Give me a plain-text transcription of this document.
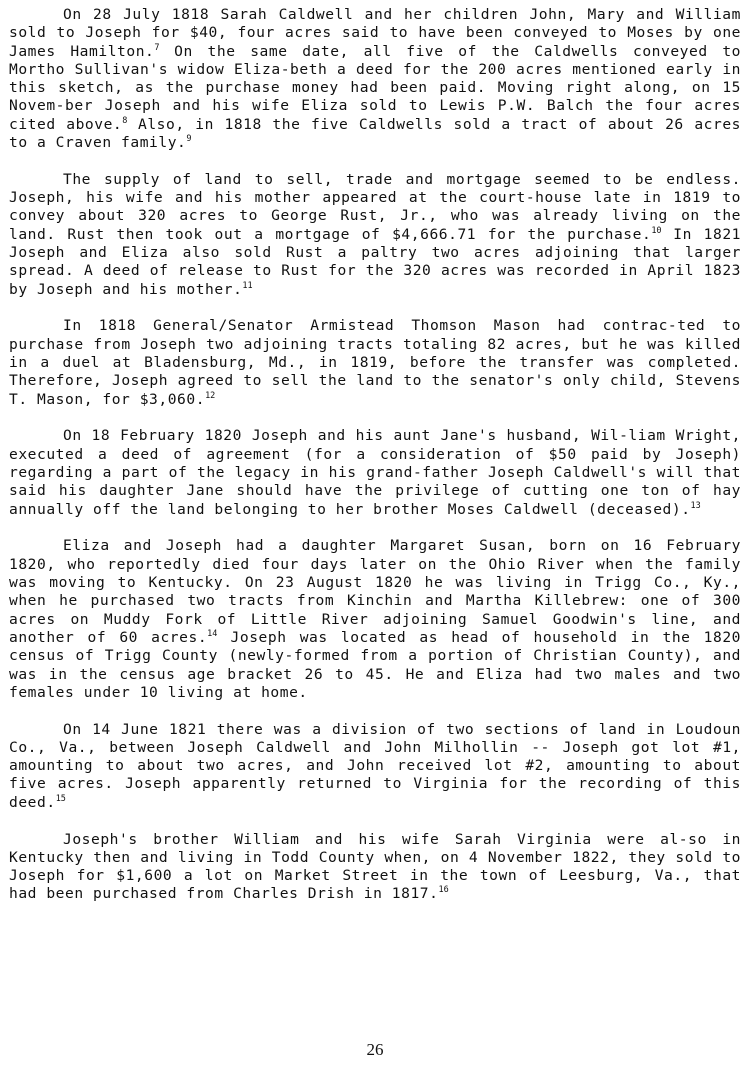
On 28 July 1818 Sarah Caldwell and her children John, Mary and William sold to Joseph for $40, four acres said to have been conveyed to Moses by one James Hamilton.$^7$ On the same date, all five of the Caldwells conveyed to Mortho Sullivan's widow Eliza-beth a deed for the 200 acres mentioned early in this sketch, as the purchase money had been paid. Moving right along, on 15 Novem-ber Joseph and his wife Eliza sold to Lewis P.W. Balch the four acres cited above.$^8$ Also, in 1818 the five Caldwells sold a tract of about 26 acres to a Craven family.$^9$

The supply of land to sell, trade and mortgage seemed to be endless. Joseph, his wife and his mother appeared at the court-house late in 1819 to convey about 320 acres to George Rust, Jr., who was already living on the land. Rust then took out a mortgage of $4,666.71 for the purchase.$^{10}$ In 1821 Joseph and Eliza also sold Rust a paltry two acres adjoining that larger spread. A deed of release to Rust for the 320 acres was recorded in April 1823 by Joseph and his mother.$^{11}$

In 1818 General/Senator Armistead Thomson Mason had contrac-ted to purchase from Joseph two adjoining tracts totaling 82 acres, but he was killed in a duel at Bladensburg, Md., in 1819, before the transfer was completed. Therefore, Joseph agreed to sell the land to the senator's only child, Stevens T. Mason, for $3,060.12

On 18 February 1820 Joseph and his aunt Jane's husband, Wil-liam Wright, executed a deed of agreement (for a consideration of $50 paid by Joseph) regarding a part of the legacy in his grand-father Joseph Caldwell's will that said his daughter Jane should have the privilege of cutting one ton of hay annually off the land belonging to her brother Moses Caldwell (deceased).$^{13}$

Eliza and Joseph had a daughter Margaret Susan, born on 16 February 1820, who reportedly died four days later on the Ohio River when the family was moving to Kentucky. On 23 August 1820 he was living in Trigg Co., Ky., when he purchased two tracts from Kinchin and Martha Killebrew: one of 300 acres on Muddy Fork of Little River adjoining Samuel Goodwin's line, and another of 60 acres.$^{14}$ Joseph was located as head of household in the 1820 census of Trigg County (newly-formed from a portion of Christian County), and was in the census age bracket 26 to 45. He and Eliza had two males and two females under 10 living at home.

On 14 June 1821 there was a division of two sections of land in Loudoun Co., Va., between Joseph Caldwell and John Milhollin -- Joseph got lot #1, amounting to about two acres, and John received lot #2, amounting to about five acres. Joseph apparently returned to Virginia for the recording of this deed.$^{15}$

Joseph's brother William and his wife Sarah Virginia were al-so in Kentucky then and living in Todd County when, on 4 November 1822, they sold to Joseph for $1,600 a lot on Market Street in the town of Leesburg, Va., that had been purchased from Charles Drish in 1817.16

26
